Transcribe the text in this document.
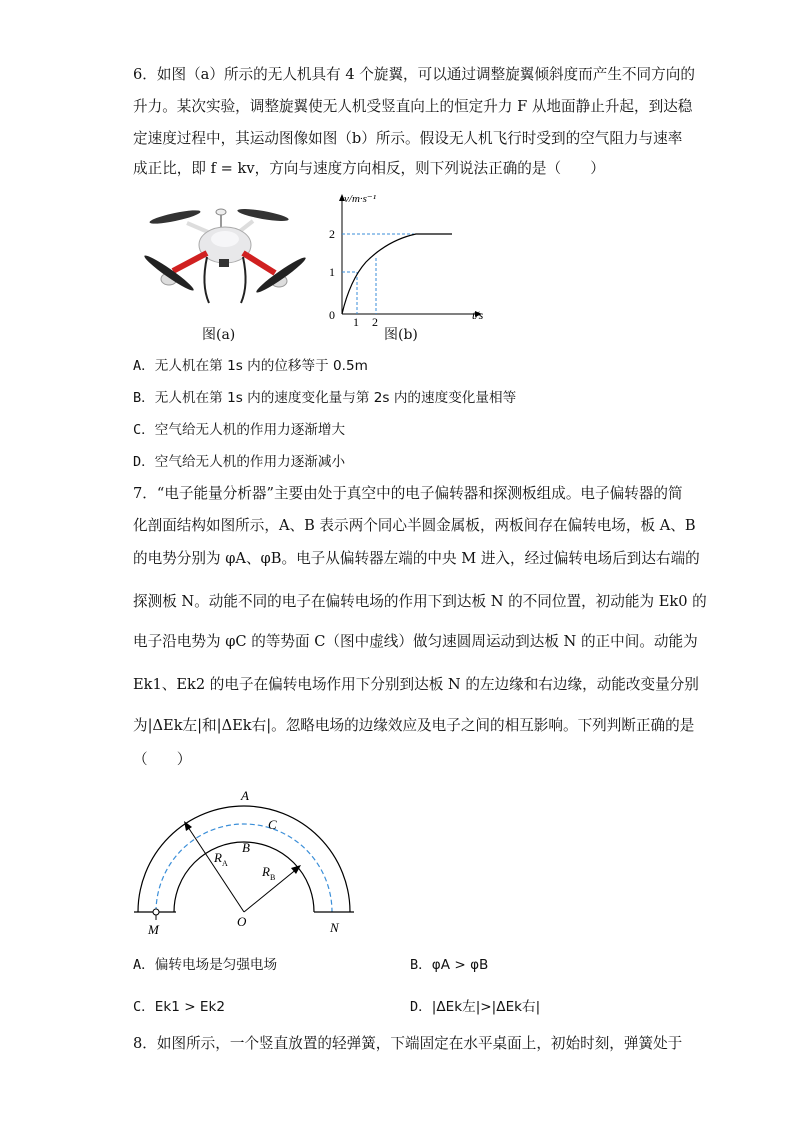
6．如图（a）所示的无人机具有 4 个旋翼，可以通过调整旋翼倾斜度而产生不同方向的
升力。某次实验，调整旋翼使无人机受竖直向上的恒定升力 F 从地面静止升起，到达稳
定速度过程中，其运动图像如图（b）所示。假设无人机飞行时受到的空气阻力与速率
成正比，即 f = kv，方向与速度方向相反，则下列说法正确的是（　　）
图(a)
v/m·s⁻¹
t/s
0
1
2
1 2
图(b)
A．无人机在第 1s 内的位移等于 0.5m
B．无人机在第 1s 内的速度变化量与第 2s 内的速度变化量相等
C．空气给无人机的作用力逐渐增大
D．空气给无人机的作用力逐渐减小
7．“电子能量分析器”主要由处于真空中的电子偏转器和探测板组成。电子偏转器的简
化剖面结构如图所示，A、B 表示两个同心半圆金属板，两板间存在偏转电场，板 A、B
的电势分别为 φA、φB。电子从偏转器左端的中央 M 进入，经过偏转电场后到达右端的
探测板 N。动能不同的电子在偏转电场的作用下到达板 N 的不同位置，初动能为 Ek0 的
电子沿电势为 φC 的等势面 C（图中虚线）做匀速圆周运动到达板 N 的正中间。动能为
Ek1、Ek2 的电子在偏转电场作用下分别到达板 N 的左边缘和右边缘，动能改变量分别
为|ΔEk左|和|ΔEk右|。忽略电场的边缘效应及电子之间的相互影响。下列判断正确的是
（　　）
A
C
B
$R_A$
$R_B$
O
M	N
A．偏转电场是匀强电场	B．φA > φB
C．Ek1 > Ek2	D．|ΔEk左|>|ΔEk右|
8．如图所示，一个竖直放置的轻弹簧，下端固定在水平桌面上，初始时刻，弹簧处于
